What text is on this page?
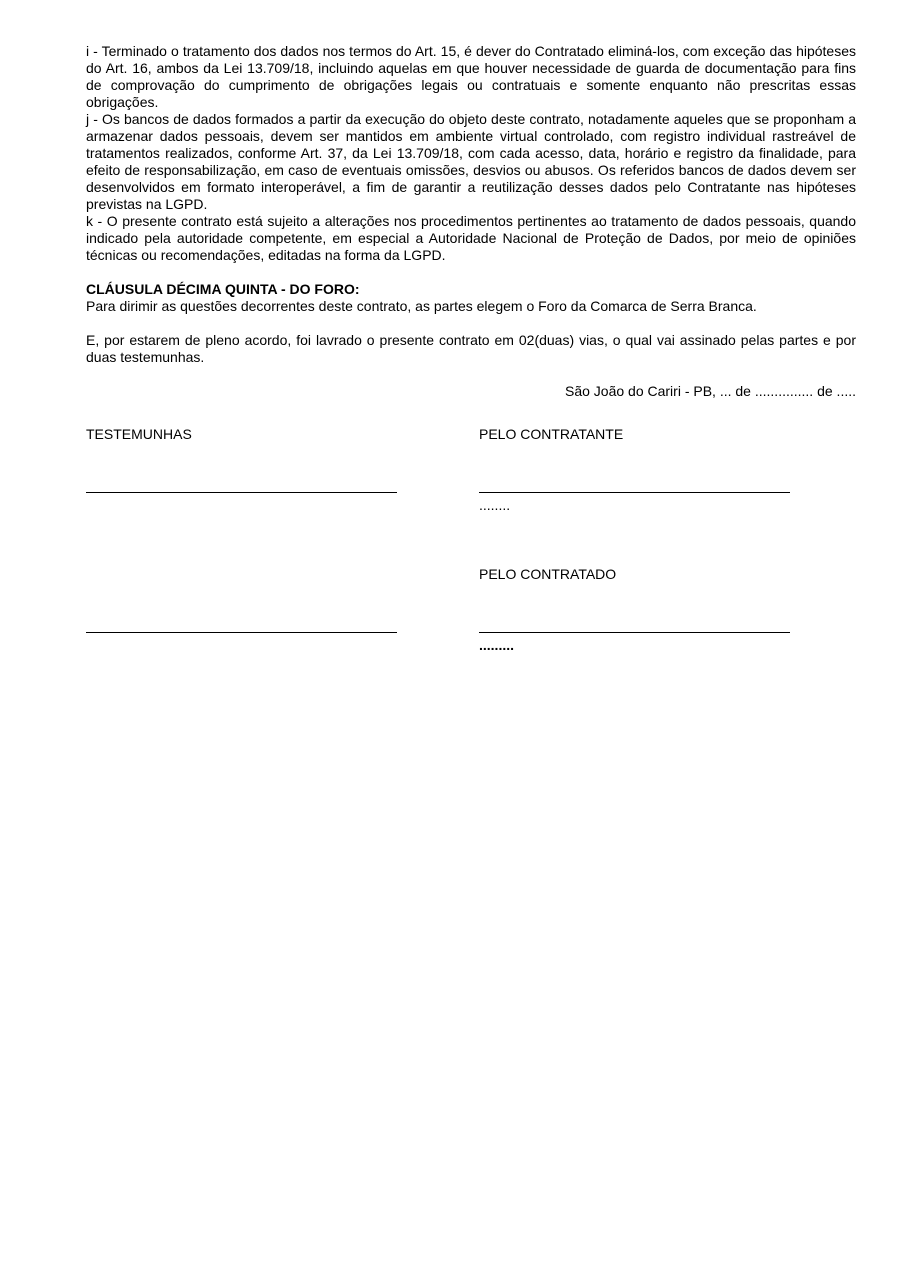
i - Terminado o tratamento dos dados nos termos do Art. 15, é dever do Contratado eliminá-los, com exceção das hipóteses do Art. 16, ambos da Lei 13.709/18, incluindo aquelas em que houver necessidade de guarda de documentação para fins de comprovação do cumprimento de obrigações legais ou contratuais e somente enquanto não prescritas essas obrigações.

j - Os bancos de dados formados a partir da execução do objeto deste contrato, notadamente aqueles que se proponham a armazenar dados pessoais, devem ser mantidos em ambiente virtual controlado, com registro individual rastreável de tratamentos realizados, conforme Art. 37, da Lei 13.709/18, com cada acesso, data, horário e registro da finalidade, para efeito de responsabilização, em caso de eventuais omissões, desvios ou abusos. Os referidos bancos de dados devem ser desenvolvidos em formato interoperável, a fim de garantir a reutilização desses dados pelo Contratante nas hipóteses previstas na LGPD.

k - O presente contrato está sujeito a alterações nos procedimentos pertinentes ao tratamento de dados pessoais, quando indicado pela autoridade competente, em especial a Autoridade Nacional de Proteção de Dados, por meio de opiniões técnicas ou recomendações, editadas na forma da LGPD.

CLÁUSULA DÉCIMA QUINTA - DO FORO:

Para dirimir as questões decorrentes deste contrato, as partes elegem o Foro da Comarca de Serra Branca.

E, por estarem de pleno acordo, foi lavrado o presente contrato em 02(duas) vias, o qual vai assinado pelas partes e por duas testemunhas.

São João do Cariri - PB, ... de ............... de .....

TESTEMUNHAS	PELO CONTRATANTE
........
PELO CONTRATADO
.........
